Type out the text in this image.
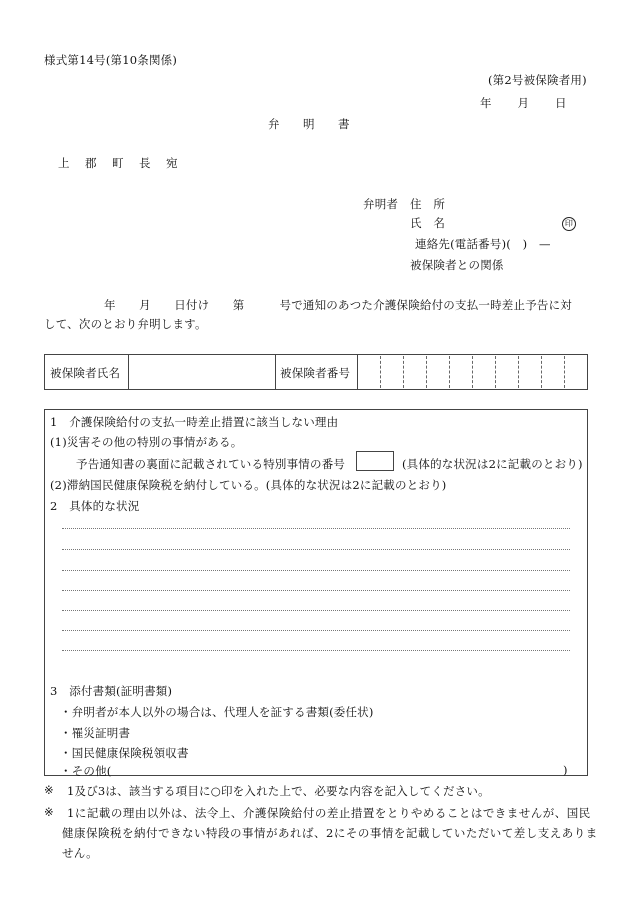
様式第14号(第10条関係)
(第2号被保険者用)
年　　月　　日
弁　明　書
上　郡　町　長　宛
弁明者 住　所
氏　名	印
連絡先(電話番号)(　)　—
被保険者との関係
年　　月　　日付け　　第　　　号で通知のあつた介護保険給付の支払一時差止予告に対
して、次のとおり弁明します。
被保険者氏名	被保険者番号
1　介護保険給付の支払一時差止措置に該当しない理由
(1)災害その他の特別の事情がある。
予告通知書の裏面に記載されている特別事情の番号	(具体的な状況は2に記載のとおり)
(2)滞納国民健康保険税を納付している。(具体的な状況は2に記載のとおり)
2　具体的な状況
3　添付書類(証明書類)
・弁明者が本人以外の場合は、代理人を証する書類(委任状)
・罹災証明書
・国民健康保険税領収書
・その他(	)
※ 1及び3は、該当する項目に○印を入れた上で、必要な内容を記入してください。
※ 1に記載の理由以外は、法令上、介護保険給付の差止措置をとりやめることはできませんが、国民
健康保険税を納付できない特段の事情があれば、2にその事情を記載していただいて差し支えありま
せん。
